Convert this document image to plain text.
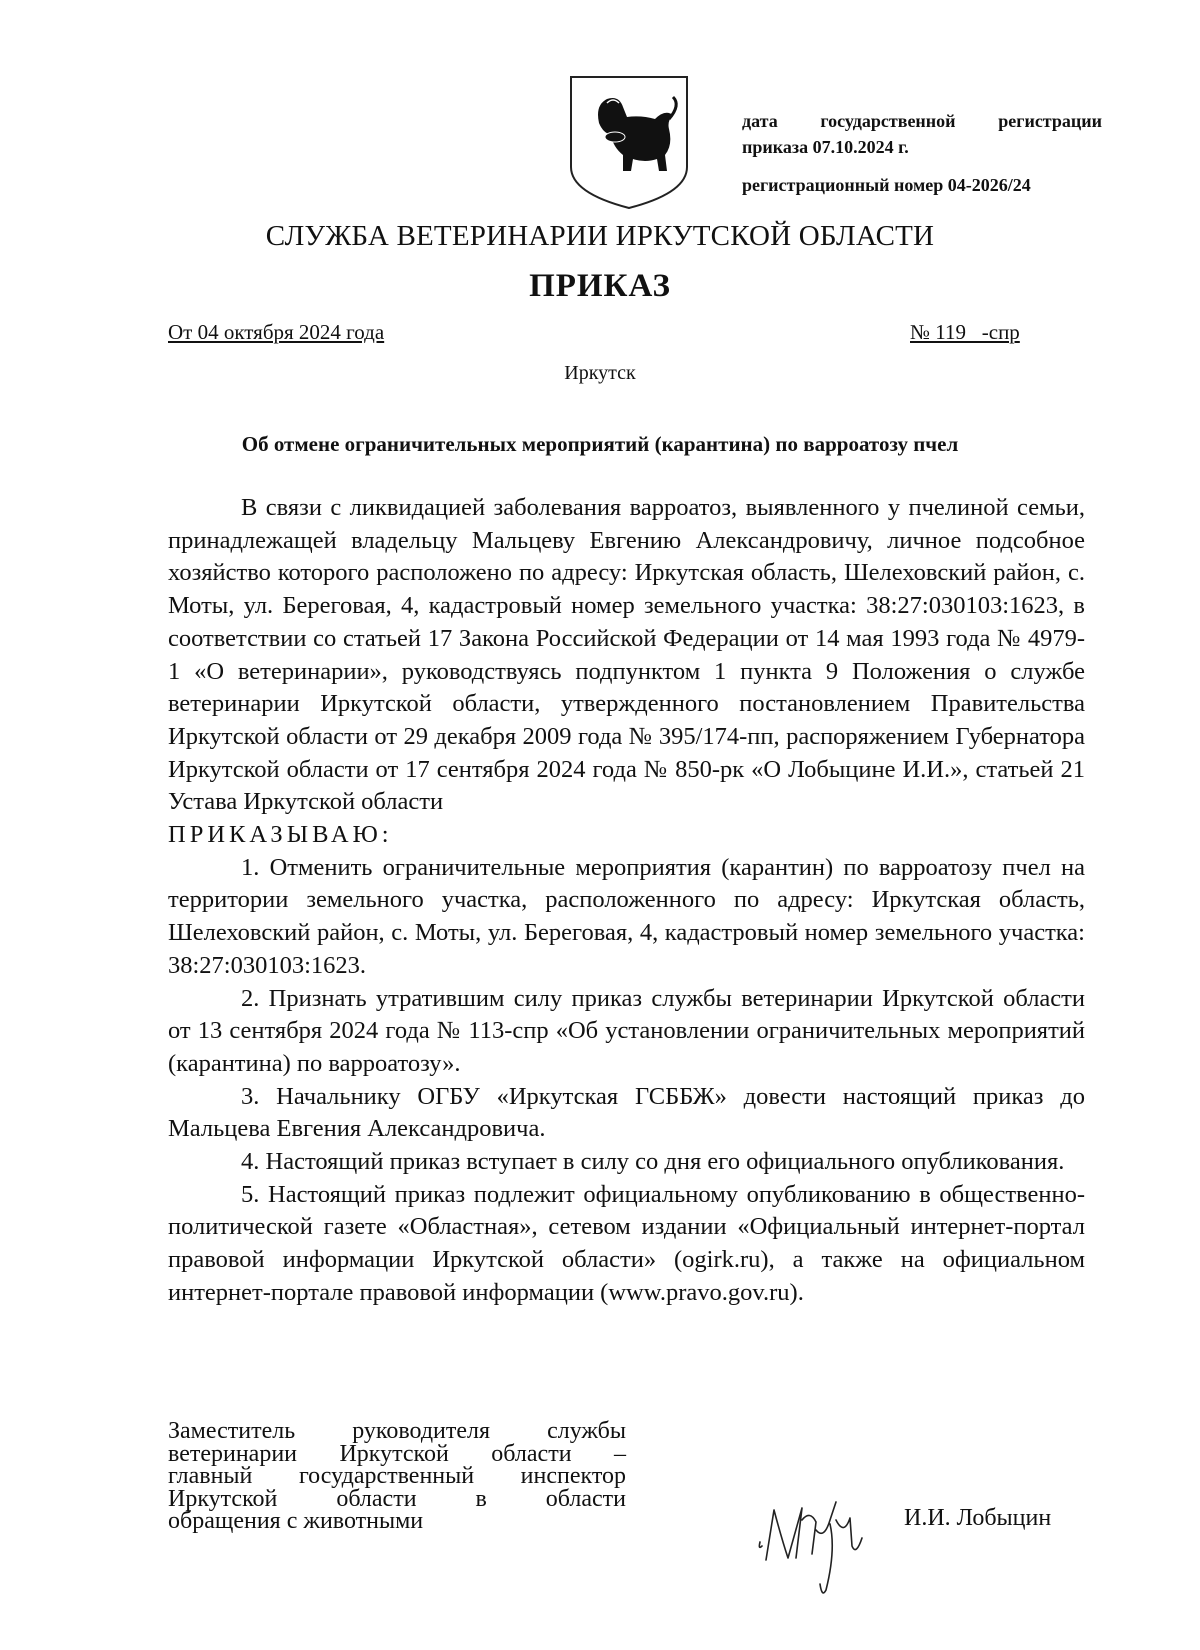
дата государственной регистрации
приказа 07.10.2024 г.
регистрационный номер 04-2026/24
СЛУЖБА ВЕТЕРИНАРИИ ИРКУТСКОЙ ОБЛАСТИ
ПРИКАЗ
От 04 октября 2024 года	№ 119   -спр
Иркутск
Об отмене ограничительных мероприятий (карантина) по варроатозу пчел

В связи с ликвидацией заболевания варроатоз, выявленного у пчелиной семьи, принадлежащей владельцу Мальцеву Евгению Александровичу, личное подсобное хозяйство которого расположено по адресу: Иркутская область, Шелеховский район, с. Моты, ул. Береговая, 4, кадастровый номер земельного участка: 38:27:030103:1623, в соответствии со статьей 17 Закона Российской Федерации от 14 мая 1993 года № 4979-1 «О ветеринарии», руководствуясь подпунктом 1 пункта 9 Положения о службе ветеринарии Иркутской области, утвержденного постановлением Правительства Иркутской области от 29 декабря 2009 года № 395/174-пп, распоряжением Губернатора Иркутской области от 17 сентября 2024 года № 850-рк «О Лобыцине И.И.», статьей 21 Устава Иркутской области

ПРИКАЗЫВАЮ:

1. Отменить ограничительные мероприятия (карантин) по варроатозу пчел на территории земельного участка, расположенного по адресу: Иркутская область, Шелеховский район, с. Моты, ул. Береговая, 4, кадастровый номер земельного участка: 38:27:030103:1623.

2. Признать утратившим силу приказ службы ветеринарии Иркутской области от 13 сентября 2024 года № 113-спр «Об установлении ограничительных мероприятий (карантина) по варроатозу».

3. Начальнику ОГБУ «Иркутская ГСББЖ» довести настоящий приказ до Мальцева Евгения Александровича.

4. Настоящий приказ вступает в силу со дня его официального опубликования.

5. Настоящий приказ подлежит официальному опубликованию в общественно-политической газете «Областная», сетевом издании «Официальный интернет-портал правовой информации Иркутской области» (ogirk.ru), а также на официальном интернет-портале правовой информации (www.pravo.gov.ru).

Заместитель руководителя службы
ветеринарии Иркутской области –
главный государственный инспектор
Иркутской области в области
обращения с животными	И.И. Лобыцин
